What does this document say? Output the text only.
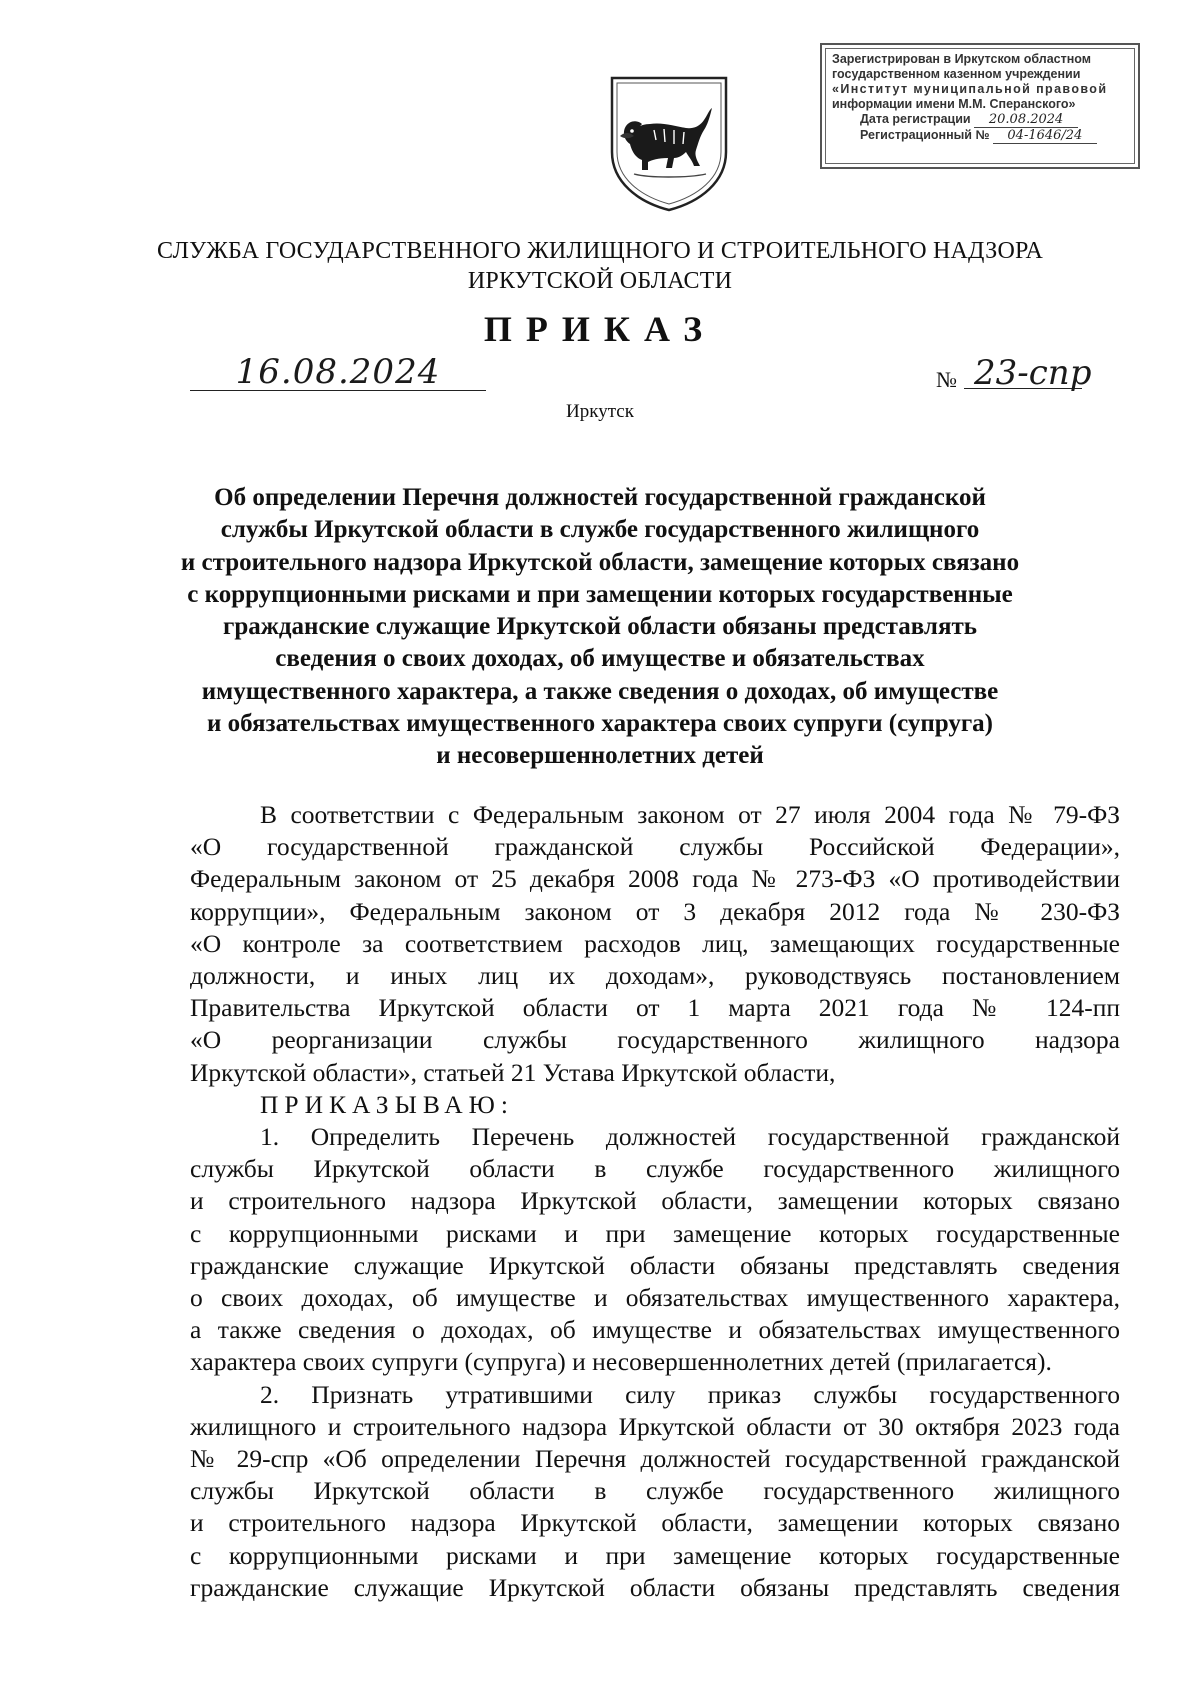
Зарегистрирован в Иркутском областном
государственном казенном учреждении
«Институт муниципальной правовой
информации имени М.М. Сперанского»
Дата регистрации 20.08.2024
Регистрационный № 04-1646/24
СЛУЖБА ГОСУДАРСТВЕННОГО ЖИЛИЩНОГО И СТРОИТЕЛЬНОГО НАДЗОРА
ИРКУТСКОЙ ОБЛАСТИ
ПРИКАЗ
16.08.2024	№ 23-спр
Иркутск
Об определении Перечня должностей государственной гражданской
службы Иркутской области в службе государственного жилищного
и строительного надзора Иркутской области, замещение которых связано
с коррупционными рисками и при замещении которых государственные
гражданские служащие Иркутской области обязаны представлять
сведения о своих доходах, об имуществе и обязательствах
имущественного характера, а также сведения о доходах, об имуществе
и обязательствах имущественного характера своих супруги (супруга)
и несовершеннолетних детей
В соответствии с Федеральным законом от 27 июля 2004 года № 79-ФЗ
«О государственной гражданской службы Российской Федерации»,
Федеральным законом от 25 декабря 2008 года № 273-ФЗ «О противодействии
коррупции», Федеральным законом от 3 декабря 2012 года № 230-ФЗ
«О контроле за соответствием расходов лиц, замещающих государственные
должности, и иных лиц их доходам», руководствуясь постановлением
Правительства Иркутской области от 1 марта 2021 года № 124-пп
«О реорганизации службы государственного жилищного надзора
Иркутской области», статьей 21 Устава Иркутской области,
ПРИКАЗЫВАЮ:
1. Определить Перечень должностей государственной гражданской
службы Иркутской области в службе государственного жилищного
и строительного надзора Иркутской области, замещении которых связано
с коррупционными рисками и при замещение которых государственные
гражданские служащие Иркутской области обязаны представлять сведения
о своих доходах, об имуществе и обязательствах имущественного характера,
а также сведения о доходах, об имуществе и обязательствах имущественного
характера своих супруги (супруга) и несовершеннолетних детей (прилагается).
2. Признать утратившими силу приказ службы государственного
жилищного и строительного надзора Иркутской области от 30 октября 2023 года
№ 29-спр «Об определении Перечня должностей государственной гражданской
службы Иркутской области в службе государственного жилищного
и строительного надзора Иркутской области, замещении которых связано
с коррупционными рисками и при замещение которых государственные
гражданские служащие Иркутской области обязаны представлять сведения
